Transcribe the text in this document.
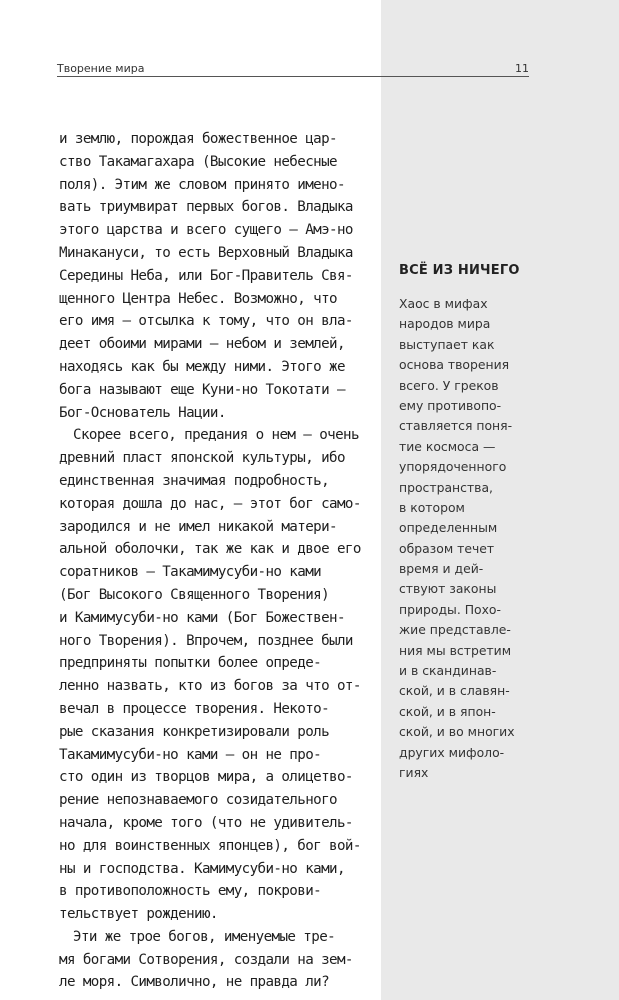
Творение мира	11
и землю, порождая божественное цар-
ство Такамагахара (Высокие небесные
поля). Этим же словом принято имено-
вать триумвират первых богов. Владыка
этого царства и всего сущего — Амэ-но
Минакануси, то есть Верховный Владыка
Середины Неба, или Бог-Правитель Свя-
щенного Центра Небес. Возможно, что
его имя — отсылка к тому, что он вла-
деет обоими мирами — небом и землей,
находясь как бы между ними. Этого же
бога называют еще Куни-но Токотати —
Бог-Основатель Нации.
Скорее всего, предания о нем — очень
древний пласт японской культуры, ибо
единственная значимая подробность,
которая дошла до нас, — этот бог само-
зародился и не имел никакой матери-
альной оболочки, так же как и двое его
соратников — Такамимусуби-но ками
(Бог Высокого Священного Творения)
и Камимусуби-но ками (Бог Божествен-
ного Творения). Впрочем, позднее были
предприняты попытки более опреде-
ленно назвать, кто из богов за что от-
вечал в процессе творения. Некото-
рые сказания конкретизировали роль
Такамимусуби-но ками — он не про-
сто один из творцов мира, а олицетво-
рение непознаваемого созидательного
начала, кроме того (что не удивитель-
но для воинственных японцев), бог вой-
ны и господства. Камимусуби-но ками,
в противоположность ему, покрови-
тельствует рождению.
Эти же трое богов, именуемые тре-
мя богами Сотворения, создали на зем-
ле моря. Символично, не правда ли?
ВСЁ ИЗ НИЧЕГО
Хаос в мифах
народов мира
выступает как
основа творения
всего. У греков
ему противопо-
ставляется поня-
тие космоса —
упорядоченного
пространства,
в котором
определенным
образом течет
время и дей-
ствуют законы
природы. Похо-
жие представле-
ния мы встретим
и в скандинав-
ской, и в славян-
ской, и в япон-
ской, и во многих
других мифоло-
гиях
